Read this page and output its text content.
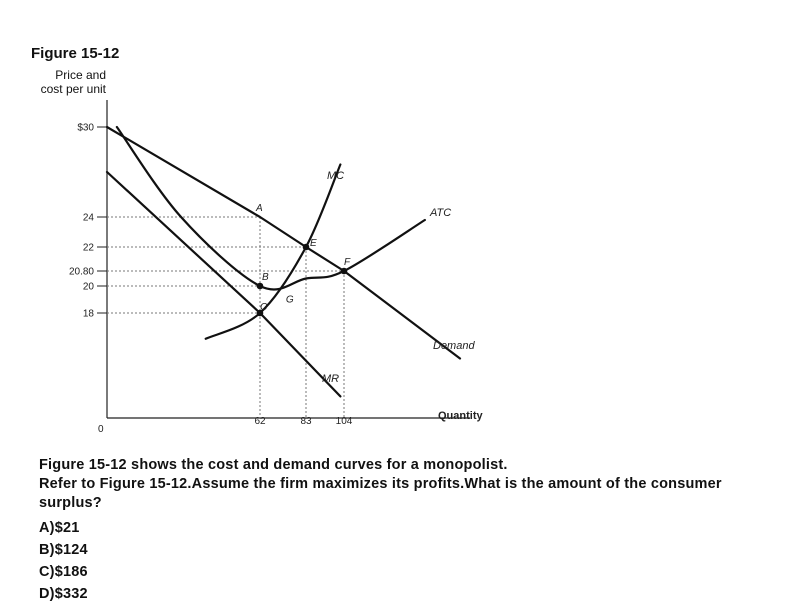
Figure 15-12
Price and
cost per unit
0
Quantity
$30
24
22
20.80
20
18
62	83 104
Demand
MR
MC
ATC
A
E
F
B
G
C

Figure 15-12 shows the cost and demand curves for a monopolist.

Refer to Figure 15-12.Assume the firm maximizes its profits.What is the amount of the consumer surplus?

A)$21
B)$124
C)$186
D)$332
